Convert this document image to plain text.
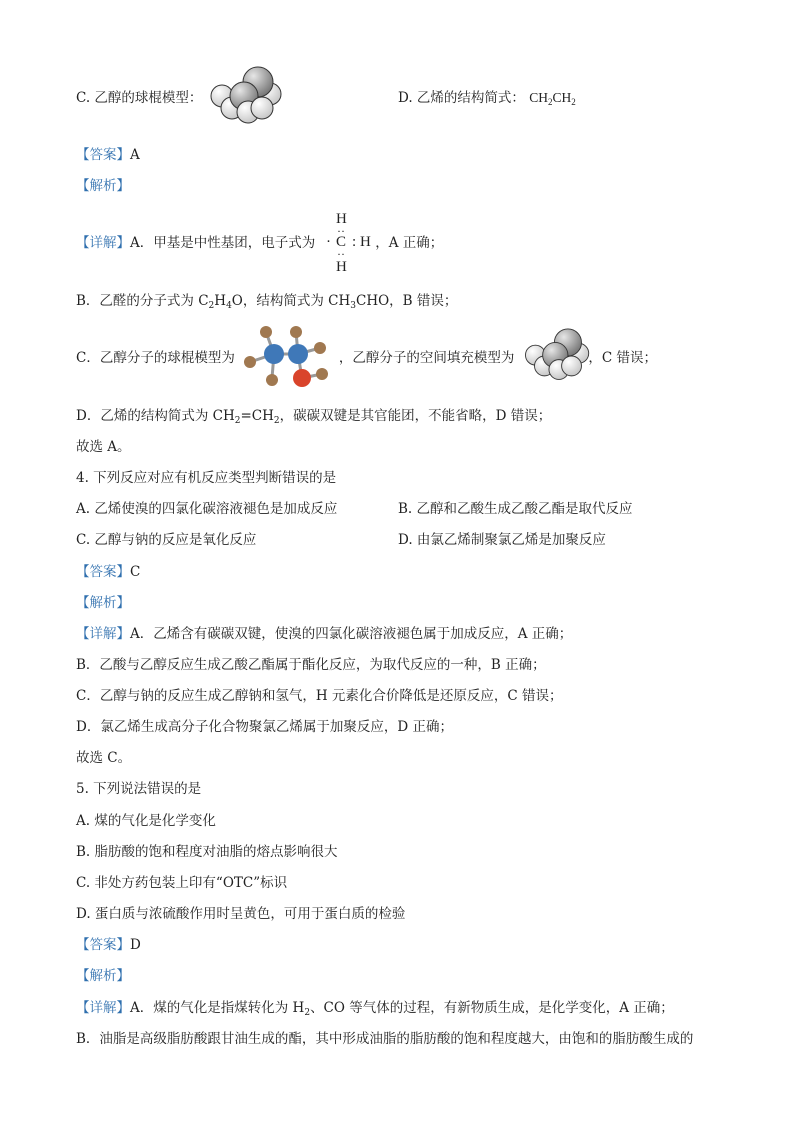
C. 乙醇的球棍模型：	D. 乙烯的结构简式： $CH_2CH_2$
【答案】A
【解析】
【详解】A．甲基是中性基团，电子式为	，A 正确；
H
· C : H
··
··
H
B．乙醛的分子式为 $C_2H_4O$，结构简式为 $CH_3CHO$，B 错误；
C．乙醇分子的球棍模型为	，乙醇分子的空间填充模型为	，C 错误；
D．乙烯的结构简式为 $CH_2=CH_2$，碳碳双键是其官能团，不能省略，D 错误；
故选 A。
4. 下列反应对应有机反应类型判断错误的是
A. 乙烯使溴的四氯化碳溶液褪色是加成反应	B. 乙醇和乙酸生成乙酸乙酯是取代反应
C. 乙醇与钠的反应是氧化反应	D. 由氯乙烯制聚氯乙烯是加聚反应
【答案】C
【解析】
【详解】A．乙烯含有碳碳双键，使溴的四氯化碳溶液褪色属于加成反应，A 正确；
B．乙酸与乙醇反应生成乙酸乙酯属于酯化反应，为取代反应的一种，B 正确；
C．乙醇与钠的反应生成乙醇钠和氢气，H 元素化合价降低是还原反应，C 错误；
D．氯乙烯生成高分子化合物聚氯乙烯属于加聚反应，D 正确；
故选 C。
5. 下列说法错误的是
A. 煤的气化是化学变化
B. 脂肪酸的饱和程度对油脂的熔点影响很大
C. 非处方药包装上印有“OTC”标识
D. 蛋白质与浓硫酸作用时呈黄色，可用于蛋白质的检验
【答案】D
【解析】
【详解】A．煤的气化是指煤转化为 $H_2$、CO 等气体的过程，有新物质生成，是化学变化，A 正确；
B．油脂是高级脂肪酸跟甘油生成的酯，其中形成油脂的脂肪酸的饱和程度越大，由饱和的脂肪酸生成的
